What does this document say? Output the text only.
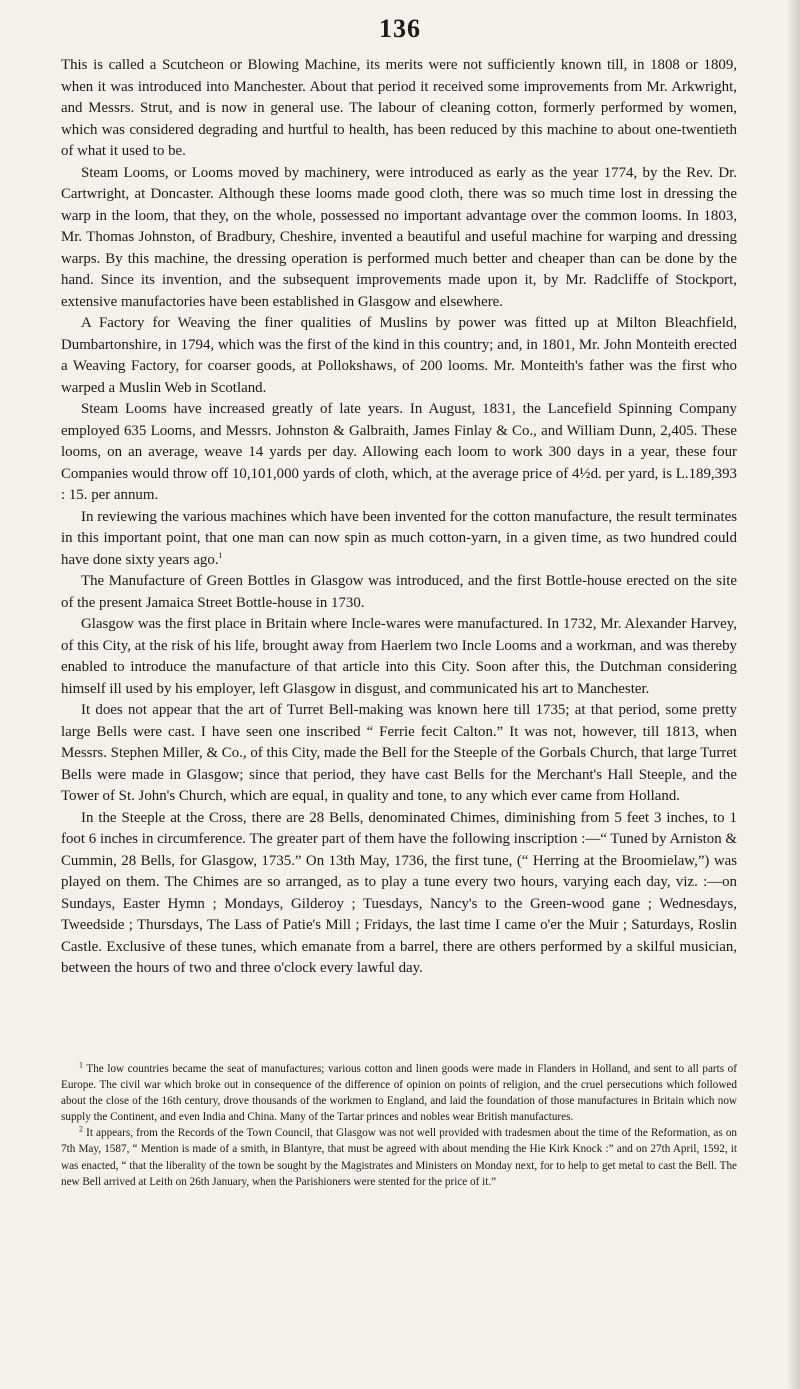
136

This is called a Scutcheon or Blowing Machine, its merits were not sufficiently known till, in 1808 or 1809, when it was introduced into Manchester. About that period it received some improvements from Mr. Arkwright, and Messrs. Strut, and is now in general use. The labour of cleaning cotton, formerly performed by women, which was considered degrading and hurtful to health, has been reduced by this machine to about one-twentieth of what it used to be.

Steam Looms, or Looms moved by machinery, were introduced as early as the year 1774, by the Rev. Dr. Cartwright, at Doncaster. Although these looms made good cloth, there was so much time lost in dressing the warp in the loom, that they, on the whole, possessed no important advantage over the common looms. In 1803, Mr. Thomas Johnston, of Bradbury, Cheshire, invented a beautiful and useful machine for warping and dressing warps. By this machine, the dressing operation is performed much better and cheaper than can be done by the hand. Since its invention, and the subsequent improvements made upon it, by Mr. Radcliffe of Stockport, extensive manufactories have been established in Glasgow and elsewhere.

A Factory for Weaving the finer qualities of Muslins by power was fitted up at Milton Bleachfield, Dumbartonshire, in 1794, which was the first of the kind in this country; and, in 1801, Mr. John Monteith erected a Weaving Factory, for coarser goods, at Pollokshaws, of 200 looms. Mr. Monteith's father was the first who warped a Muslin Web in Scotland.

Steam Looms have increased greatly of late years. In August, 1831, the Lancefield Spinning Company employed 635 Looms, and Messrs. Johnston & Galbraith, James Finlay & Co., and William Dunn, 2,405. These looms, on an average, weave 14 yards per day. Allowing each loom to work 300 days in a year, these four Companies would throw off 10,101,000 yards of cloth, which, at the average price of 4½d. per yard, is L.189,393 : 15. per annum.

In reviewing the various machines which have been invented for the cotton manufacture, the result terminates in this important point, that one man can now spin as much cotton-yarn, in a given time, as two hundred could have done sixty years ago.$^1$

The Manufacture of Green Bottles in Glasgow was introduced, and the first Bottle-house erected on the site of the present Jamaica Street Bottle-house in 1730.

Glasgow was the first place in Britain where Incle-wares were manufactured. In 1732, Mr. Alexander Harvey, of this City, at the risk of his life, brought away from Haerlem two Incle Looms and a workman, and was thereby enabled to introduce the manufacture of that article into this City. Soon after this, the Dutchman considering himself ill used by his employer, left Glasgow in disgust, and communicated his art to Manchester.

It does not appear that the art of Turret Bell-making was known here till 1735; at that period, some pretty large Bells were cast. I have seen one inscribed “ Ferrie fecit Calton.” It was not, however, till 1813, when Messrs. Stephen Miller, & Co., of this City, made the Bell for the Steeple of the Gorbals Church, that large Turret Bells were made in Glasgow; since that period, they have cast Bells for the Merchant's Hall Steeple, and the Tower of St. John's Church, which are equal, in quality and tone, to any which ever came from Holland.

In the Steeple at the Cross, there are 28 Bells, denominated Chimes, diminishing from 5 feet 3 inches, to 1 foot 6 inches in circumference. The greater part of them have the following inscription :—“ Tuned by Arniston & Cummin, 28 Bells, for Glasgow, 1735.” On 13th May, 1736, the first tune, (“ Herring at the Broomielaw,”) was played on them. The Chimes are so arranged, as to play a tune every two hours, varying each day, viz. :—on Sundays, Easter Hymn ; Mondays, Gilderoy ; Tuesdays, Nancy's to the Green-wood gane ; Wednesdays, Tweedside ; Thursdays, The Lass of Patie's Mill ; Fridays, the last time I came o'er the Muir ; Saturdays, Roslin Castle. Exclusive of these tunes, which emanate from a barrel, there are others performed by a skilful musician, between the hours of two and three o'clock every lawful day.

$^1$ The low countries became the seat of manufactures; various cotton and linen goods were made in Flanders in Holland, and sent to all parts of Europe. The civil war which broke out in consequence of the difference of opinion on points of religion, and the cruel persecutions which followed about the close of the 16th century, drove thousands of the workmen to England, and laid the foundation of those manufactures in Britain which now supply the Continent, and even India and China. Many of the Tartar princes and nobles wear British manufactures.

$^2$ It appears, from the Records of the Town Council, that Glasgow was not well provided with tradesmen about the time of the Reformation, as on 7th May, 1587, “ Mention is made of a smith, in Blantyre, that must be agreed with about mending the Hie Kirk Knock :” and on 27th April, 1592, it was enacted, “ that the liberality of the town be sought by the Magistrates and Ministers on Monday next, for to help to get metal to cast the Bell. The new Bell arrived at Leith on 26th January, when the Parishioners were stented for the price of it.”
